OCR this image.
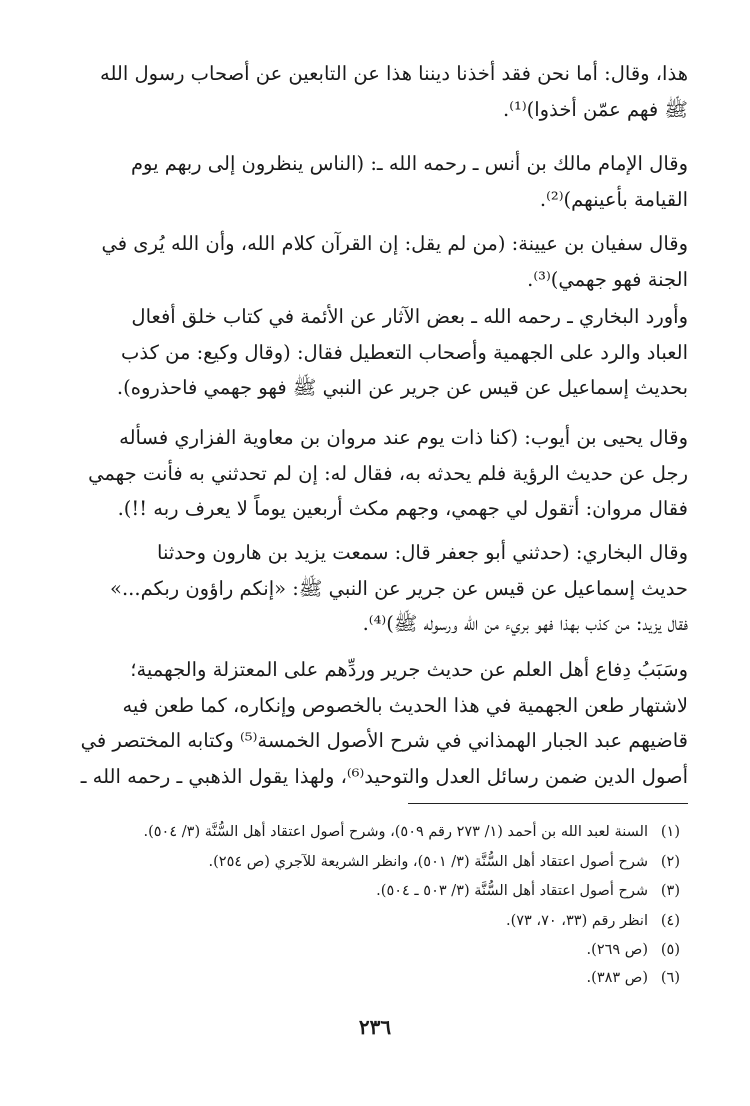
هذا، وقال: أما نحن فقد أخذنا ديننا هذا عن التابعين عن أصحاب رسول الله
ﷺ فهم عمّن أخذوا)⁽¹⁾.
وقال الإمام مالك بن أنس ـ رحمه الله ـ: (الناس ينظرون إلى ربهم يوم
القيامة بأعينهم)⁽²⁾.
وقال سفيان بن عيينة: (من لم يقل: إن القرآن كلام الله، وأن الله يُرى في
الجنة فهو جهمي)⁽³⁾.
وأورد البخاري ـ رحمه الله ـ بعض الآثار عن الأئمة في كتاب خلق أفعال
العباد والرد على الجهمية وأصحاب التعطيل فقال: (وقال وكيع: من كذب
بحديث إسماعيل عن قيس عن جرير عن النبي ﷺ فهو جهمي فاحذروه).
وقال يحيى بن أيوب: (كنا ذات يوم عند مروان بن معاوية الفزاري فسأله
رجل عن حديث الرؤية فلم يحدثه به، فقال له: إن لم تحدثني به فأنت جهمي
فقال مروان: أتقول لي جهمي، وجهم مكث أربعين يوماً لا يعرف ربه !!).
وقال البخاري: (حدثني أبو جعفر قال: سمعت يزيد بن هارون وحدثنا
حديث إسماعيل عن قيس عن جرير عن النبي ﷺ: «إنكم راؤون ربكم...»
فقال يزيد: من كذب بهذا فهو بريء من الله ورسوله ﷺ)⁽⁴⁾.
وسَبَبُ دِفاع أهل العلم عن حديث جرير وردِّهم على المعتزلة والجهمية؛
لاشتهار طعن الجهمية في هذا الحديث بالخصوص وإنكاره، كما طعن فيه
قاضيهم عبد الجبار الهمذاني في شرح الأصول الخمسة⁽⁵⁾ وكتابه المختصر في
أصول الدين ضمن رسائل العدل والتوحيد⁽⁶⁾، ولهذا يقول الذهبي ـ رحمه الله ـ
(١)السنة لعبد الله بن أحمد (١/ ٢٧٣ رقم ٥٠٩)، وشرح أصول اعتقاد أهل السُّنَّة (٣/ ٥٠٤).
(٢)شرح أصول اعتقاد أهل السُّنَّة (٣/ ٥٠١)، وانظر الشريعة للآجري (ص ٢٥٤).
(٣)شرح أصول اعتقاد أهل السُّنَّة (٣/ ٥٠٣ ـ ٥٠٤).
(٤)انظر رقم (٣٣، ٧٠، ٧٣).
(٥)(ص ٢٦٩).
(٦)(ص ٣٨٣).
٢٣٦
